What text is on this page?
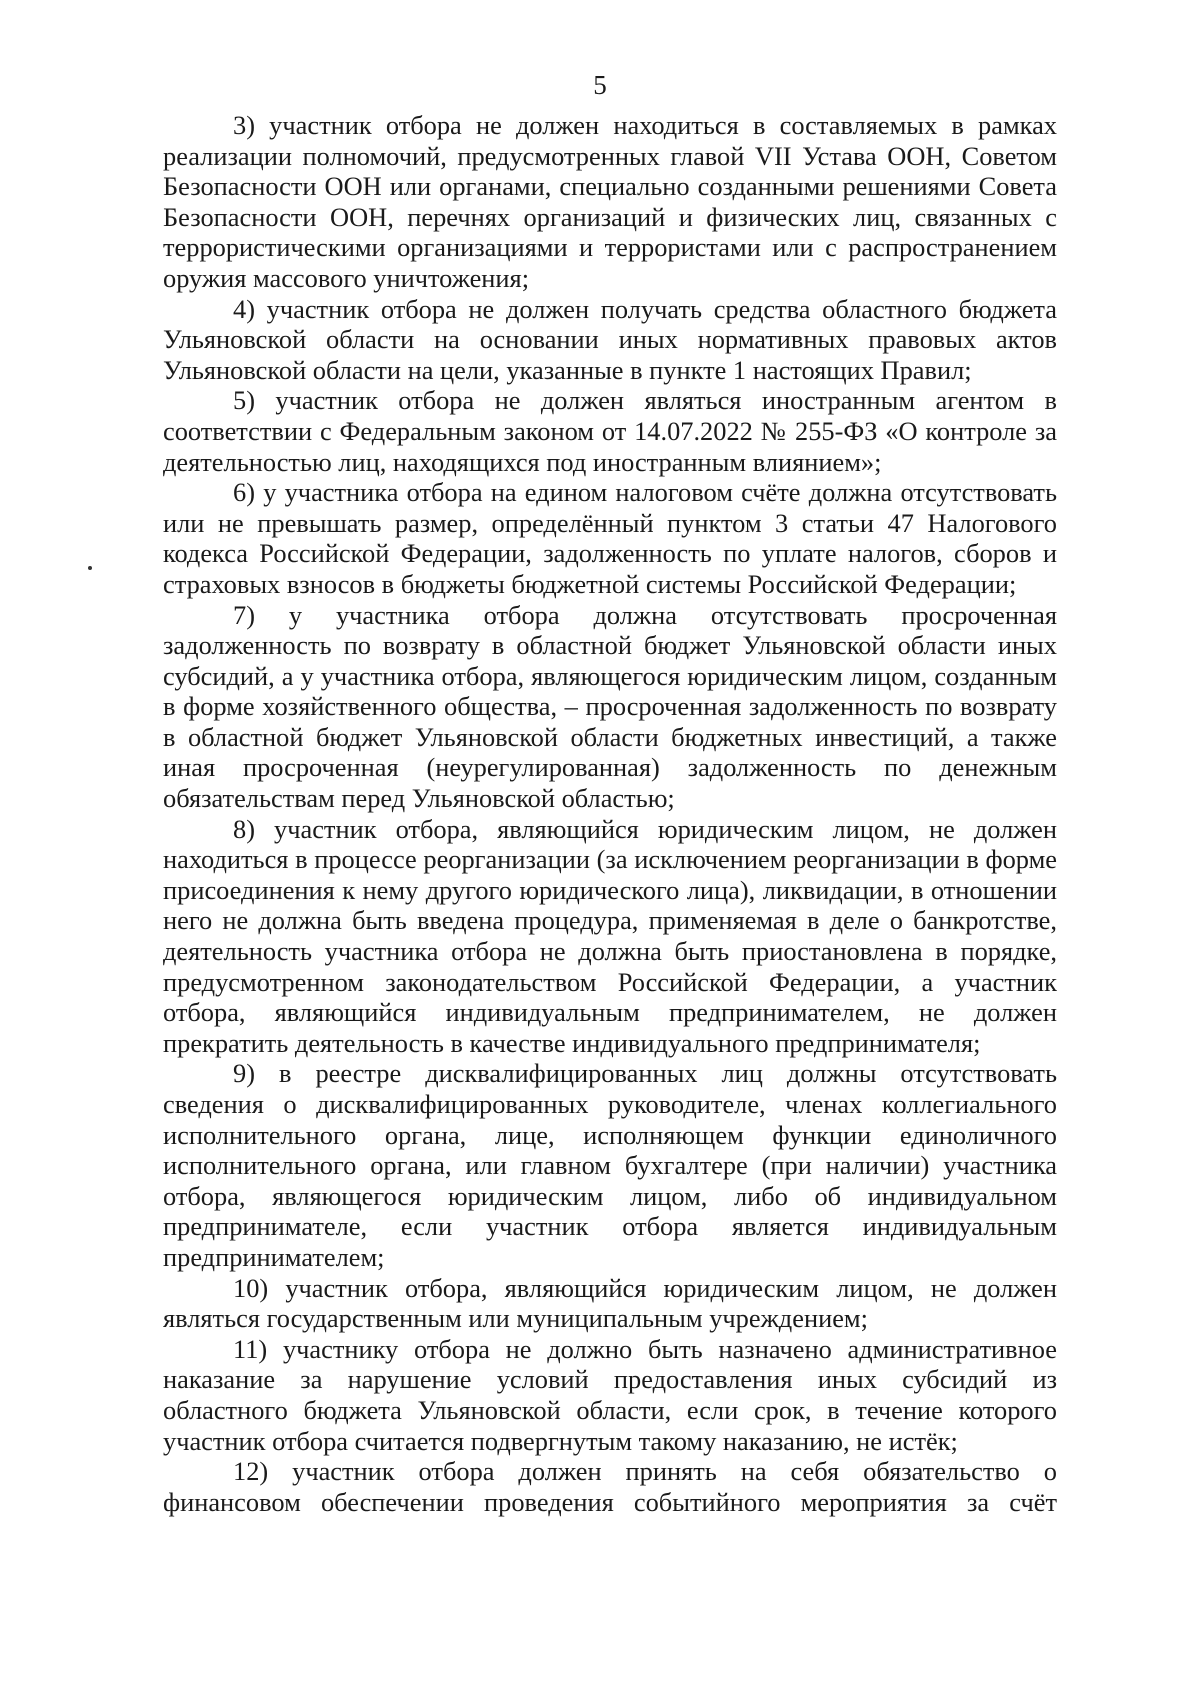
5

3) участник отбора не должен находиться в составляемых в рамках реализации полномочий, предусмотренных главой VII Устава ООН, Советом Безопасности ООН или органами, специально созданными решениями Совета Безопасности ООН, перечнях организаций и физических лиц, связанных с террористическими организациями и террористами или с распространением оружия массового уничтожения;

4) участник отбора не должен получать средства областного бюджета Ульяновской области на основании иных нормативных правовых актов Ульяновской области на цели, указанные в пункте 1 настоящих Правил;

5) участник отбора не должен являться иностранным агентом в соответствии с Федеральным законом от 14.07.2022 № 255-ФЗ «О контроле за деятельностью лиц, находящихся под иностранным влиянием»;

6) у участника отбора на едином налоговом счёте должна отсутствовать или не превышать размер, определённый пунктом 3 статьи 47 Налогового кодекса Российской Федерации, задолженность по уплате налогов, сборов и страховых взносов в бюджеты бюджетной системы Российской Федерации;

7) у участника отбора должна отсутствовать просроченная задолженность по возврату в областной бюджет Ульяновской области иных субсидий, а у участника отбора, являющегося юридическим лицом, созданным в форме хозяйственного общества, – просроченная задолженность по возврату в областной бюджет Ульяновской области бюджетных инвестиций, а также иная просроченная (неурегулированная) задолженность по денежным обязательствам перед Ульяновской областью;

8) участник отбора, являющийся юридическим лицом, не должен находиться в процессе реорганизации (за исключением реорганизации в форме присоединения к нему другого юридического лица), ликвидации, в отношении него не должна быть введена процедура, применяемая в деле о банкротстве, деятельность участника отбора не должна быть приостановлена в порядке, предусмотренном законодательством Российской Федерации, а участник отбора, являющийся индивидуальным предпринимателем, не должен прекратить деятельность в качестве индивидуального предпринимателя;

9) в реестре дисквалифицированных лиц должны отсутствовать сведения о дисквалифицированных руководителе, членах коллегиального исполнительного органа, лице, исполняющем функции единоличного исполнительного органа, или главном бухгалтере (при наличии) участника отбора, являющегося юридическим лицом, либо об индивидуальном предпринимателе, если участник отбора является индивидуальным предпринимателем;

10) участник отбора, являющийся юридическим лицом, не должен являться государственным или муниципальным учреждением;

11) участнику отбора не должно быть назначено административное наказание за нарушение условий предоставления иных субсидий из областного бюджета Ульяновской области, если срок, в течение которого участник отбора считается подвергнутым такому наказанию, не истёк;

12) участник отбора должен принять на себя обязательство о финансовом обеспечении проведения событийного мероприятия за счёт
